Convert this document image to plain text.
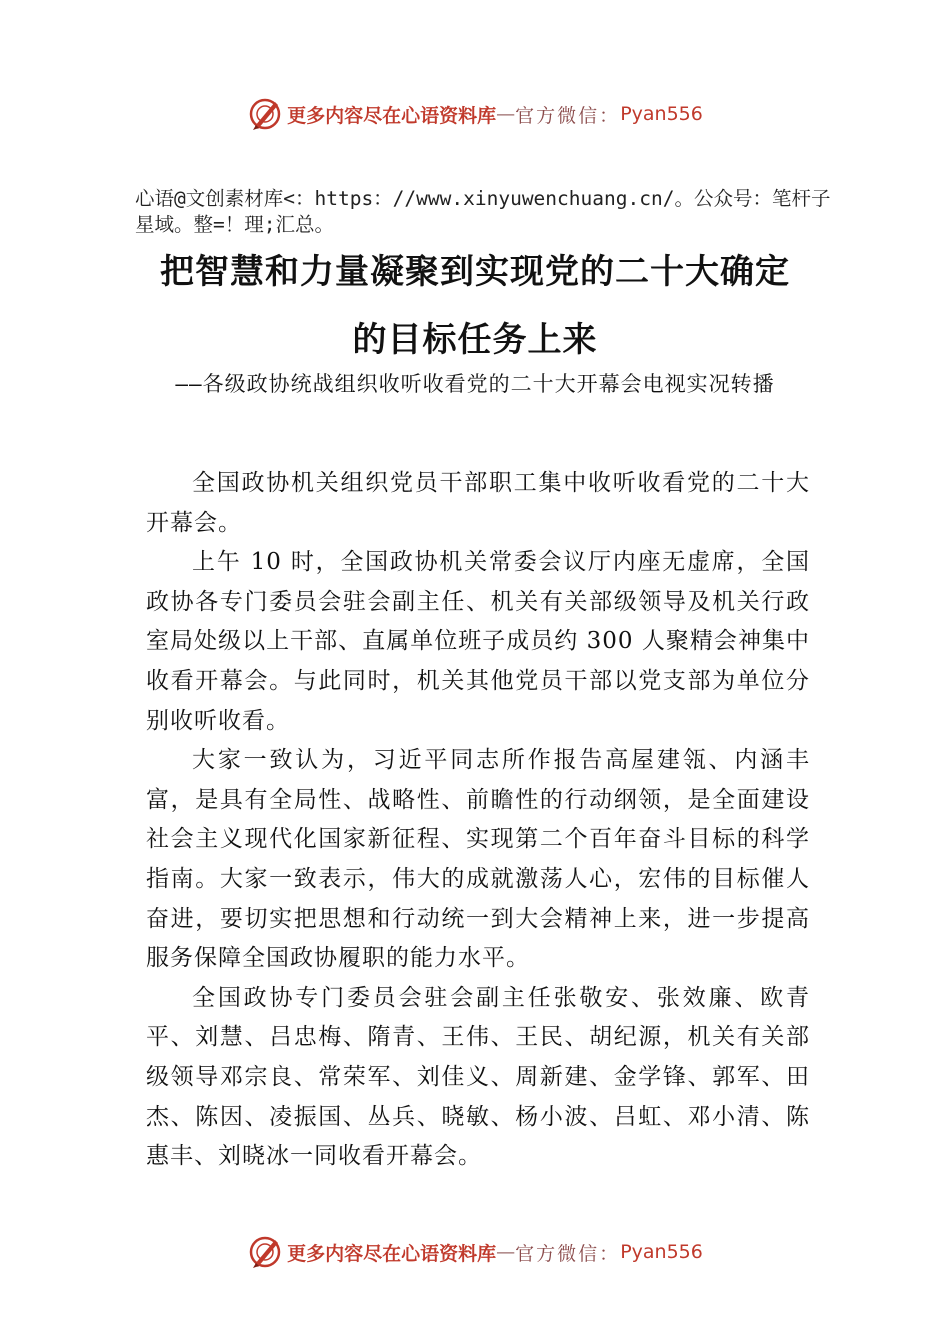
更多内容尽在心语资料库 — 官方微信： Pyan556
心语@文创素材库<：https：//www.xinyuwenchuang.cn/。公众号：笔杆子星域。整=！理;汇总。
把智慧和力量凝聚到实现党的二十大确定
的目标任务上来
——各级政协统战组织收听收看党的二十大开幕会电视实况转播

全国政协机关组织党员干部职工集中收听收看党的二十大开幕会。

上午 10 时，全国政协机关常委会议厅内座无虚席，全国政协各专门委员会驻会副主任、机关有关部级领导及机关行政室局处级以上干部、直属单位班子成员约 300 人聚精会神集中收看开幕会。与此同时，机关其他党员干部以党支部为单位分别收听收看。

大家一致认为，习近平同志所作报告高屋建瓴、内涵丰富，是具有全局性、战略性、前瞻性的行动纲领，是全面建设社会主义现代化国家新征程、实现第二个百年奋斗目标的科学指南。大家一致表示，伟大的成就激荡人心，宏伟的目标催人奋进，要切实把思想和行动统一到大会精神上来，进一步提高服务保障全国政协履职的能力水平。

全国政协专门委员会驻会副主任张敬安、张效廉、欧青平、刘慧、吕忠梅、隋青、王伟、王民、胡纪源，机关有关部级领导邓宗良、常荣军、刘佳义、周新建、金学锋、郭军、田杰、陈因、凌振国、丛兵、晓敏、杨小波、吕虹、邓小清、陈惠丰、刘晓冰一同收看开幕会。

更多内容尽在心语资料库 — 官方微信： Pyan556
